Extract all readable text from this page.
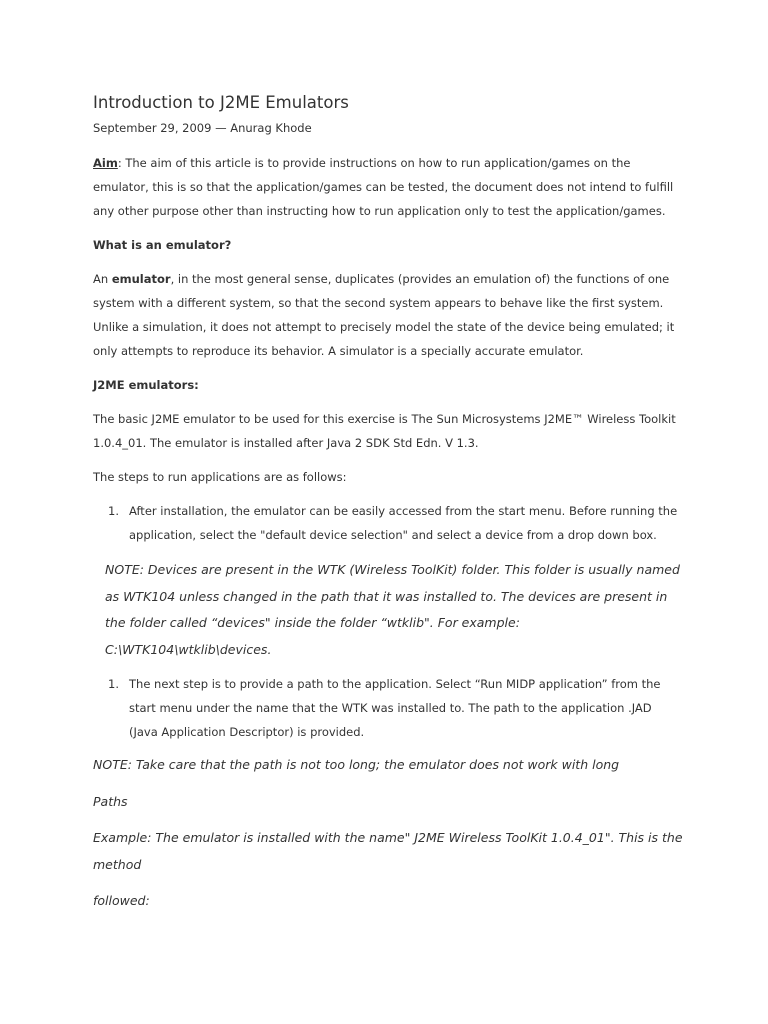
Introduction to J2ME Emulators
September 29, 2009 — Anurag Khode

Aim: The aim of this article is to provide instructions on how to run application/games on the emulator, this is so that the application/games can be tested, the document does not intend to fulfill any other purpose other than instructing how to run application only to test the application/games.

What is an emulator?

An emulator, in the most general sense, duplicates (provides an emulation of) the functions of one system with a different system, so that the second system appears to behave like the first system. Unlike a simulation, it does not attempt to precisely model the state of the device being emulated; it only attempts to reproduce its behavior. A simulator is a specially accurate emulator.

J2ME emulators:

The basic J2ME emulator to be used for this exercise is The Sun Microsystems J2ME™ Wireless Toolkit 1.0.4_01. The emulator is installed after Java 2 SDK Std Edn. V 1.3.

The steps to run applications are as follows:

1. After installation, the emulator can be easily accessed from the start menu. Before running the application, select the "default device selection" and select a device from a drop down box.

NOTE: Devices are present in the WTK (Wireless ToolKit) folder. This folder is usually named as WTK104 unless changed in the path that it was installed to. The devices are present in the folder called “devices" inside the folder “wtklib". For example: C:\WTK104\wtklib\devices.

1. The next step is to provide a path to the application. Select “Run MIDP application” from the start menu under the name that the WTK was installed to. The path to the application .JAD (Java Application Descriptor) is provided.

NOTE: Take care that the path is not too long; the emulator does not work with long

Paths

Example: The emulator is installed with the name" J2ME Wireless ToolKit 1.0.4_01". This is the method

followed:
